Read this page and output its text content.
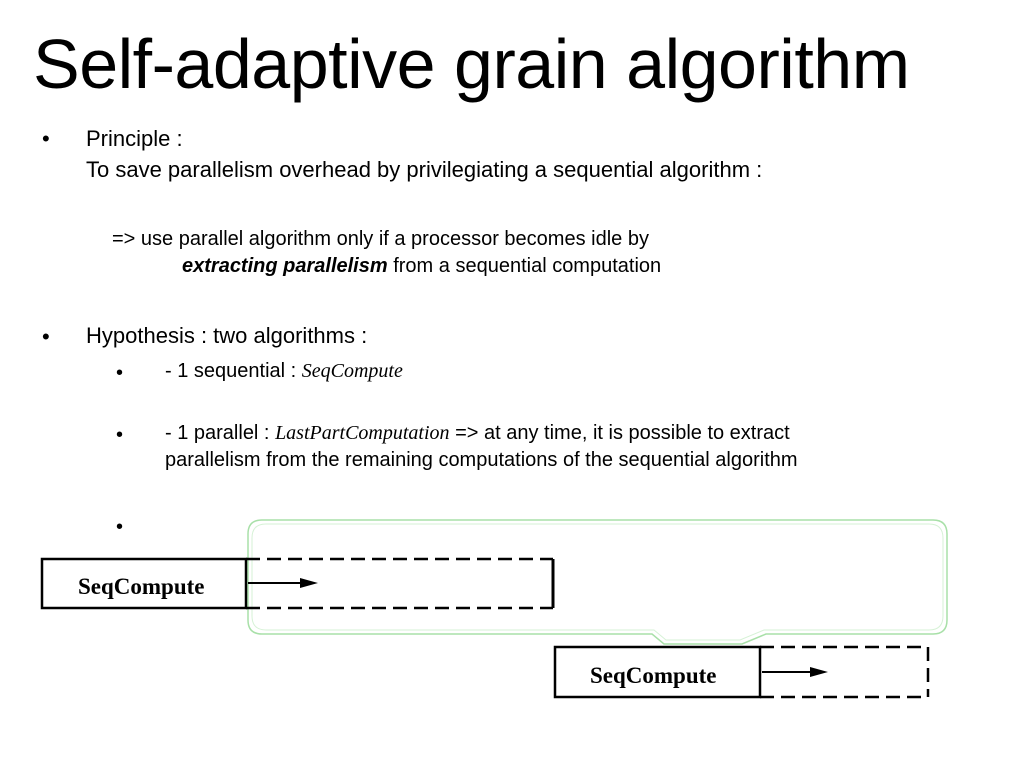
Self-adaptive grain algorithm
• Principle :
To save parallelism overhead by privilegiating a sequential algorithm :
=> use parallel algorithm only if a processor becomes idle by
extracting parallelism from a sequential computation
• Hypothesis : two algorithms :
• - 1 sequential : SeqCompute
• - 1 parallel : LastPartComputation => at any time, it is possible to extract
parallelism from the remaining computations of the sequential algorithm
•
SeqCompute
SeqCompute
